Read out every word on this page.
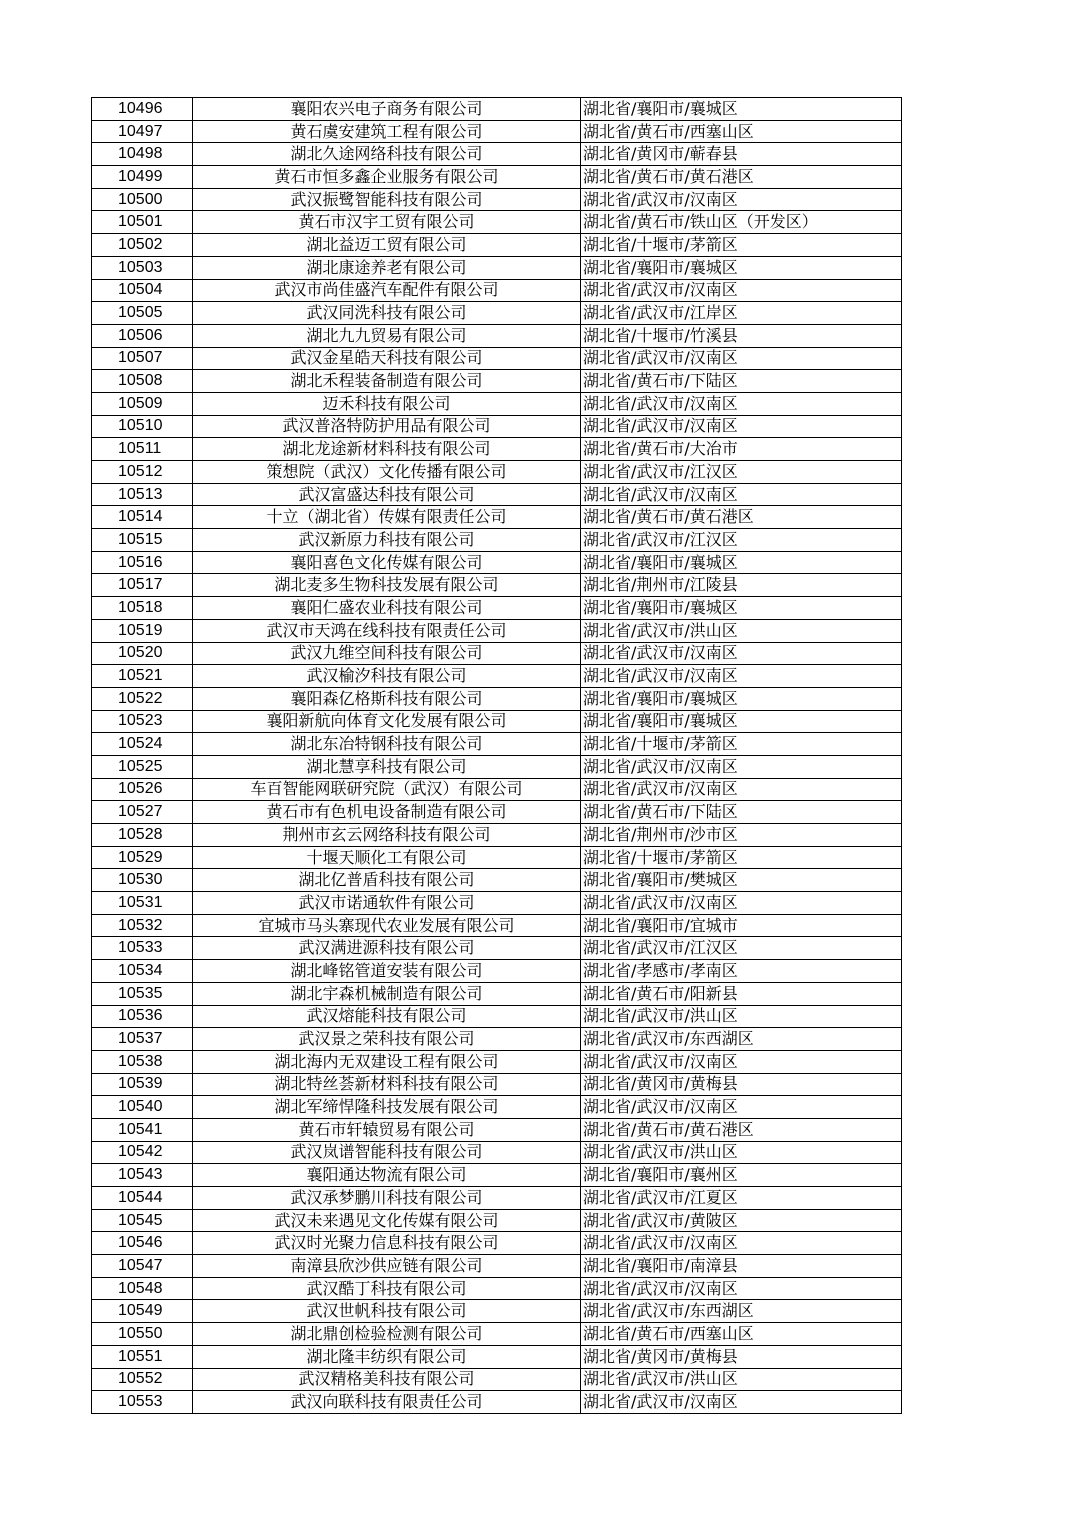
10496	襄阳农兴电子商务有限公司	湖北省/襄阳市/襄城区
10497	黄石虞安建筑工程有限公司	湖北省/黄石市/西塞山区
10498	湖北久途网络科技有限公司	湖北省/黄冈市/蕲春县
10499	黄石市恒多鑫企业服务有限公司	湖北省/黄石市/黄石港区
10500	武汉振鹭智能科技有限公司	湖北省/武汉市/汉南区
10501	黄石市汉宇工贸有限公司	湖北省/黄石市/铁山区（开发区）
10502	湖北益迈工贸有限公司	湖北省/十堰市/茅箭区
10503	湖北康途养老有限公司	湖北省/襄阳市/襄城区
10504	武汉市尚佳盛汽车配件有限公司	湖北省/武汉市/汉南区
10505	武汉同洗科技有限公司	湖北省/武汉市/江岸区
10506	湖北九九贸易有限公司	湖北省/十堰市/竹溪县
10507	武汉金星皓天科技有限公司	湖北省/武汉市/汉南区
10508	湖北禾程装备制造有限公司	湖北省/黄石市/下陆区
10509	迈禾科技有限公司	湖北省/武汉市/汉南区
10510	武汉普洛特防护用品有限公司	湖北省/武汉市/汉南区
10511	湖北龙途新材料科技有限公司	湖北省/黄石市/大冶市
10512	策想院（武汉）文化传播有限公司	湖北省/武汉市/江汉区
10513	武汉富盛达科技有限公司	湖北省/武汉市/汉南区
10514	十立（湖北省）传媒有限责任公司	湖北省/黄石市/黄石港区
10515	武汉新原力科技有限公司	湖北省/武汉市/江汉区
10516	襄阳喜色文化传媒有限公司	湖北省/襄阳市/襄城区
10517	湖北麦多生物科技发展有限公司	湖北省/荆州市/江陵县
10518	襄阳仁盛农业科技有限公司	湖北省/襄阳市/襄城区
10519	武汉市天鸿在线科技有限责任公司	湖北省/武汉市/洪山区
10520	武汉九维空间科技有限公司	湖北省/武汉市/汉南区
10521	武汉榆汐科技有限公司	湖北省/武汉市/汉南区
10522	襄阳森亿格斯科技有限公司	湖北省/襄阳市/襄城区
10523	襄阳新航向体育文化发展有限公司	湖北省/襄阳市/襄城区
10524	湖北东冶特钢科技有限公司	湖北省/十堰市/茅箭区
10525	湖北慧享科技有限公司	湖北省/武汉市/汉南区
10526	车百智能网联研究院（武汉）有限公司	湖北省/武汉市/汉南区
10527	黄石市有色机电设备制造有限公司	湖北省/黄石市/下陆区
10528	荆州市玄云网络科技有限公司	湖北省/荆州市/沙市区
10529	十堰天顺化工有限公司	湖北省/十堰市/茅箭区
10530	湖北亿普盾科技有限公司	湖北省/襄阳市/樊城区
10531	武汉市诺通软件有限公司	湖北省/武汉市/汉南区
10532	宜城市马头寨现代农业发展有限公司	湖北省/襄阳市/宜城市
10533	武汉满进源科技有限公司	湖北省/武汉市/江汉区
10534	湖北峰铭管道安装有限公司	湖北省/孝感市/孝南区
10535	湖北宇森机械制造有限公司	湖北省/黄石市/阳新县
10536	武汉熔能科技有限公司	湖北省/武汉市/洪山区
10537	武汉景之荣科技有限公司	湖北省/武汉市/东西湖区
10538	湖北海内无双建设工程有限公司	湖北省/武汉市/汉南区
10539	湖北特丝荟新材料科技有限公司	湖北省/黄冈市/黄梅县
10540	湖北军缔悍隆科技发展有限公司	湖北省/武汉市/汉南区
10541	黄石市轩辕贸易有限公司	湖北省/黄石市/黄石港区
10542	武汉岚谱智能科技有限公司	湖北省/武汉市/洪山区
10543	襄阳通达物流有限公司	湖北省/襄阳市/襄州区
10544	武汉承梦鹏川科技有限公司	湖北省/武汉市/江夏区
10545	武汉未来遇见文化传媒有限公司	湖北省/武汉市/黄陂区
10546	武汉时光聚力信息科技有限公司	湖北省/武汉市/汉南区
10547	南漳县欣沙供应链有限公司	湖北省/襄阳市/南漳县
10548	武汉酷丁科技有限公司	湖北省/武汉市/汉南区
10549	武汉世帆科技有限公司	湖北省/武汉市/东西湖区
10550	湖北鼎创检验检测有限公司	湖北省/黄石市/西塞山区
10551	湖北隆丰纺织有限公司	湖北省/黄冈市/黄梅县
10552	武汉精格美科技有限公司	湖北省/武汉市/洪山区
10553	武汉向联科技有限责任公司	湖北省/武汉市/汉南区
